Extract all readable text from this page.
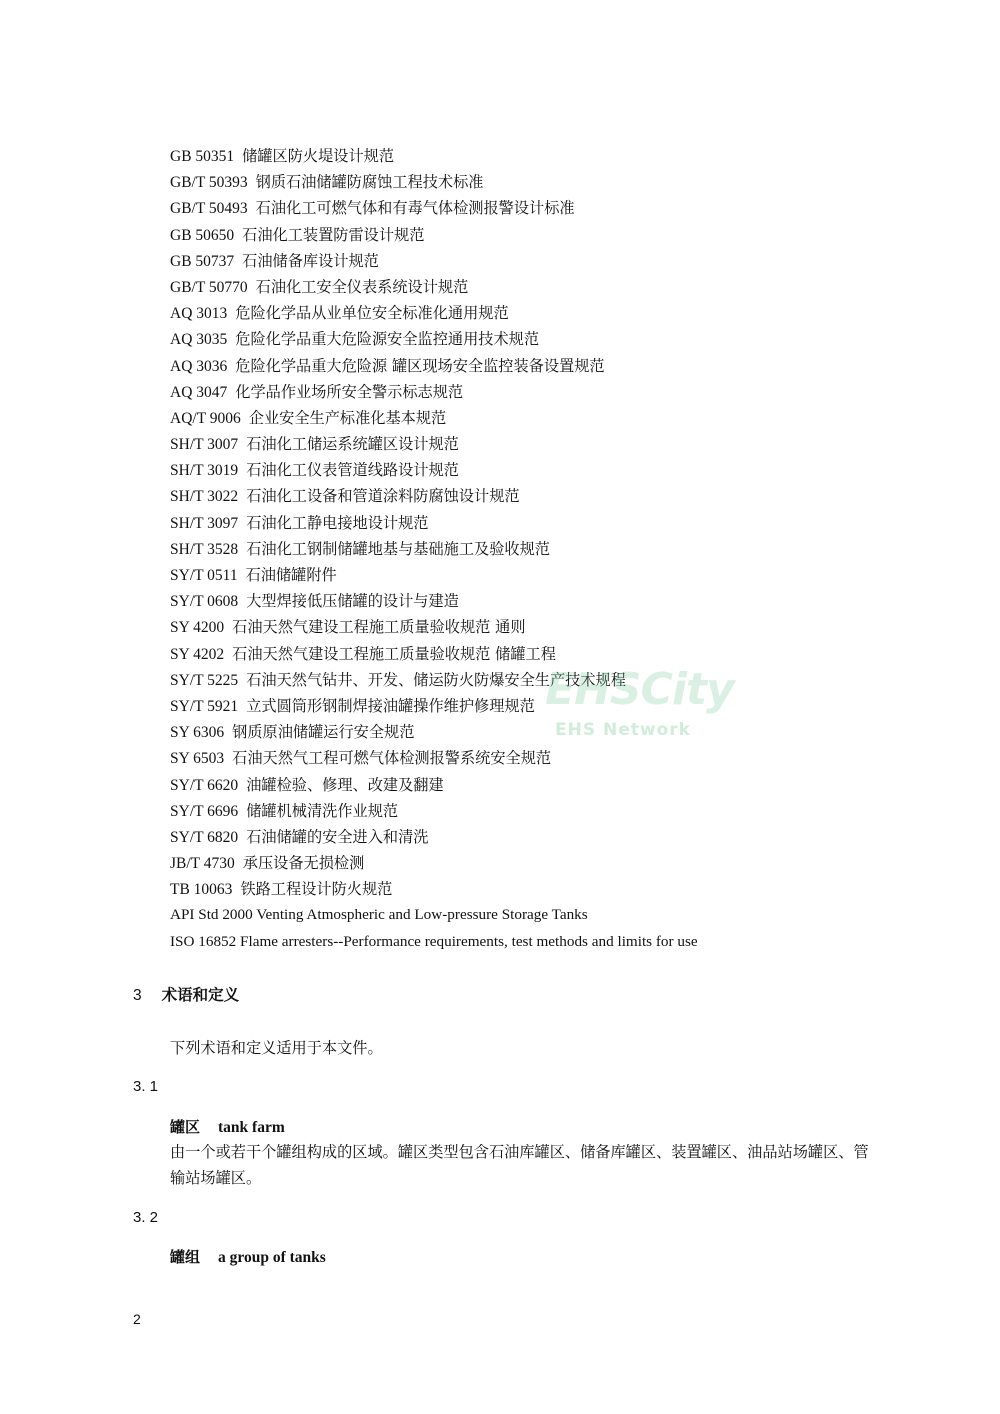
GB 50351 储罐区防火堤设计规范
GB/T 50393 钢质石油储罐防腐蚀工程技术标准
GB/T 50493 石油化工可燃气体和有毒气体检测报警设计标准
GB 50650 石油化工装置防雷设计规范
GB 50737 石油储备库设计规范
GB/T 50770 石油化工安全仪表系统设计规范
AQ 3013 危险化学品从业单位安全标准化通用规范
AQ 3035 危险化学品重大危险源安全监控通用技术规范
AQ 3036 危险化学品重大危险源 罐区现场安全监控装备设置规范
AQ 3047 化学品作业场所安全警示标志规范
AQ/T 9006 企业安全生产标准化基本规范
SH/T 3007 石油化工储运系统罐区设计规范
SH/T 3019 石油化工仪表管道线路设计规范
SH/T 3022 石油化工设备和管道涂料防腐蚀设计规范
SH/T 3097 石油化工静电接地设计规范
SH/T 3528 石油化工钢制储罐地基与基础施工及验收规范
SY/T 0511 石油储罐附件
SY/T 0608 大型焊接低压储罐的设计与建造
SY 4200 石油天然气建设工程施工质量验收规范 通则
SY 4202 石油天然气建设工程施工质量验收规范 储罐工程
SY/T 5225 石油天然气钻井、开发、储运防火防爆安全生产技术规程
SY/T 5921 立式圆筒形钢制焊接油罐操作维护修理规范
SY 6306 钢质原油储罐运行安全规范
SY 6503 石油天然气工程可燃气体检测报警系统安全规范
SY/T 6620 油罐检验、修理、改建及翻建
SY/T 6696 储罐机械清洗作业规范
SY/T 6820 石油储罐的安全进入和清洗
JB/T 4730 承压设备无损检测
TB 10063 铁路工程设计防火规范
API Std 2000 Venting Atmospheric and Low-pressure Storage Tanks
ISO 16852 Flame arresters--Performance requirements, test methods and limits for use
3 术语和定义
下列术语和定义适用于本文件。
3. 1
罐区 tank farm
由一个或若干个罐组构成的区域。罐区类型包含石油库罐区、储备库罐区、装置罐区、油品站场罐区、管输站场罐区。
3. 2
罐组 a group of tanks
EHSCity
EHS Network
2
